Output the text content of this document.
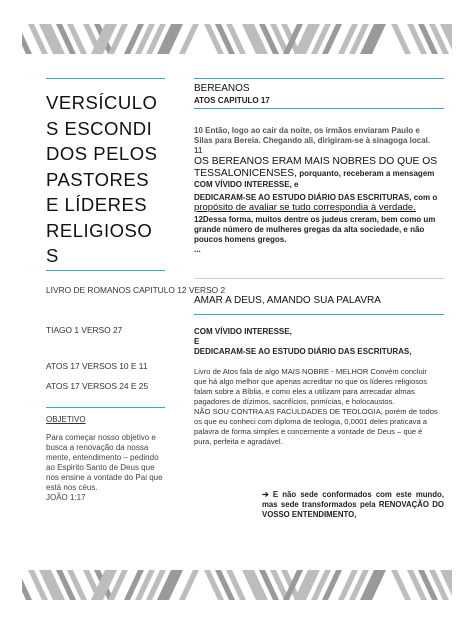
VERSÍCULOS ESCONDIDOS PELOS PASTORES E LÍDERES RELIGIOSOS
LIVRO DE ROMANOS CAPITULO 12 VERSO 2
TIAGO 1 VERSO 27
ATOS 17 VERSOS 10 E 11
ATOS 17 VERSOS 24 E 25
OBJETIVO
Para começar nosso objetivo e busca a renovação da nossa mente, entendimento – pedindo ao Espirito Santo de Deus que nos ensine a vontade do Pai que está nos céus.
JOÃO 1:17
BEREANOS
ATOS CAPITULO 17
10 Então, logo ao cair da noite, os irmãos enviaram Paulo e Silas para Bereia. Chegando ali, dirigiram-se à sinagoga local. 11
OS BEREANOS ERAM MAIS NOBRES DO QUE OS TESSALONICENSES, porquanto, receberam a mensagem COM VÍVIDO INTERESSE, e
DEDICARAM-SE AO ESTUDO DIÁRIO DAS ESCRITURAS, com o propósito de avaliar se tudo correspondia à verdade.
12Dessa forma, muitos dentre os judeus creram, bem como um grande número de mulheres gregas da alta sociedade, e não poucos homens gregos.
...
AMAR A DEUS, AMANDO SUA PALAVRA
COM VÍVIDO INTERESSE,
E
DEDICARAM-SE AO ESTUDO DIÁRIO DAS ESCRITURAS,
Livro de Atos fala de algo MAIS NOBRE - MELHOR Convém concluir que há algo melhor que apenas acreditar no que os líderes religiosos falam sobre a Bíblia, e como eles a utilizam para arrecadar almas pagadores de dízimos, sacrifícios, primícias, e holocaustos.
NÃO SOU CONTRA AS FACULDADES DE TEOLOGIA, porém de todos os que eu conheci com diploma de teologia, 0,0001 deles praticava a palavra de forma simples e concernente a vontade de Deus – que é pura, perfeita e agradável.
➔ E não sede conformados com este mundo, mas sede transformados pela RENOVAÇÃO DO VOSSO ENTENDIMENTO,
